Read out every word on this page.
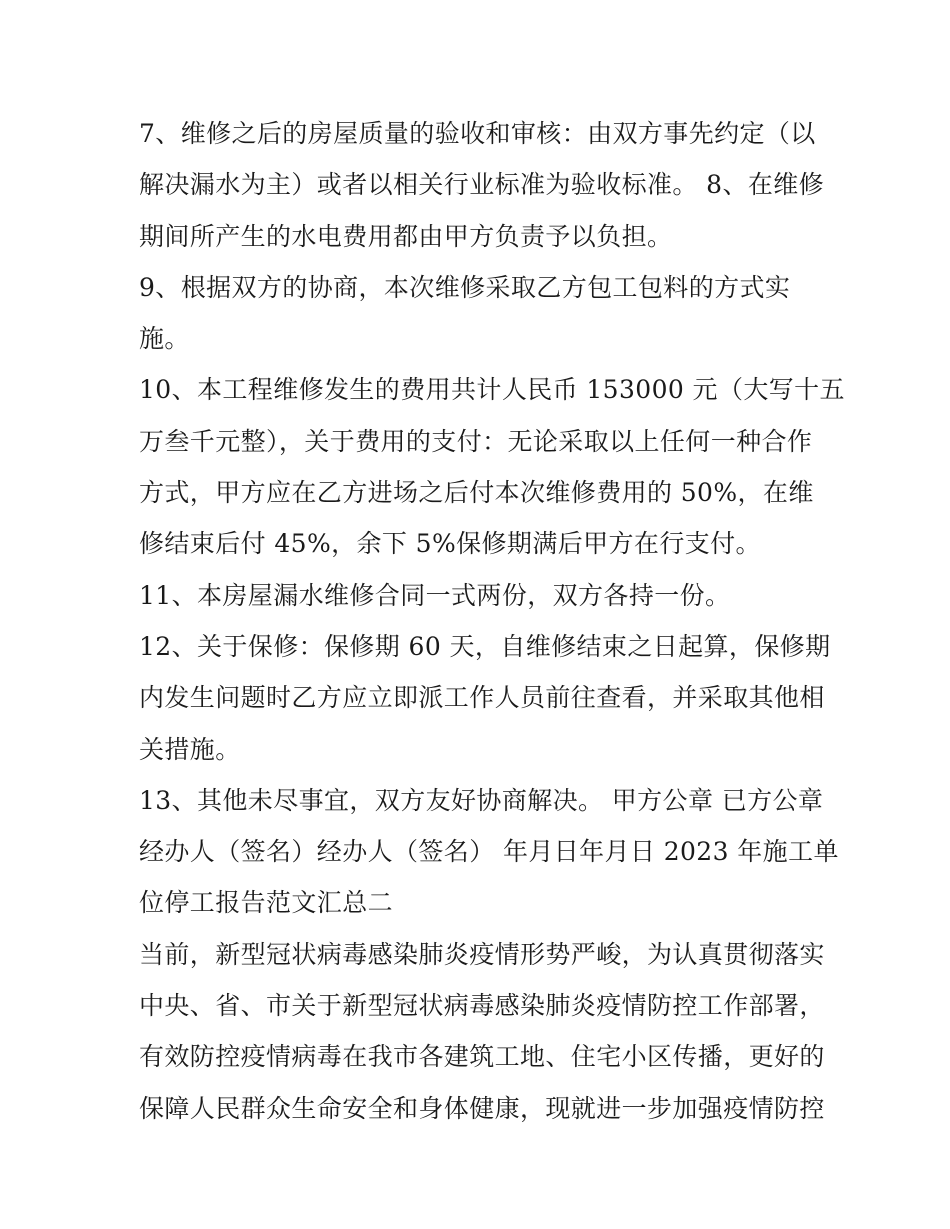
7、维修之后的房屋质量的验收和审核：由双方事先约定（以
解决漏水为主）或者以相关行业标准为验收标准。 8、在维修
期间所产生的水电费用都由甲方负责予以负担。
9、根据双方的协商，本次维修采取乙方包工包料的方式实
施。
10、本工程维修发生的费用共计人民币 153000 元（大写十五
万叁千元整），关于费用的支付：无论采取以上任何一种合作
方式，甲方应在乙方进场之后付本次维修费用的 50%，在维
修结束后付 45%，余下 5%保修期满后甲方在行支付。
11、本房屋漏水维修合同一式两份，双方各持一份。
12、关于保修：保修期 60 天，自维修结束之日起算，保修期
内发生问题时乙方应立即派工作人员前往查看，并采取其他相
关措施。
13、其他未尽事宜，双方友好协商解决。 甲方公章 已方公章
经办人（签名）经办人（签名） 年月日年月日 2023 年施工单
位停工报告范文汇总二
当前，新型冠状病毒感染肺炎疫情形势严峻，为认真贯彻落实
中央、省、市关于新型冠状病毒感染肺炎疫情防控工作部署，
有效防控疫情病毒在我市各建筑工地、住宅小区传播，更好的
保障人民群众生命安全和身体健康，现就进一步加强疫情防控
